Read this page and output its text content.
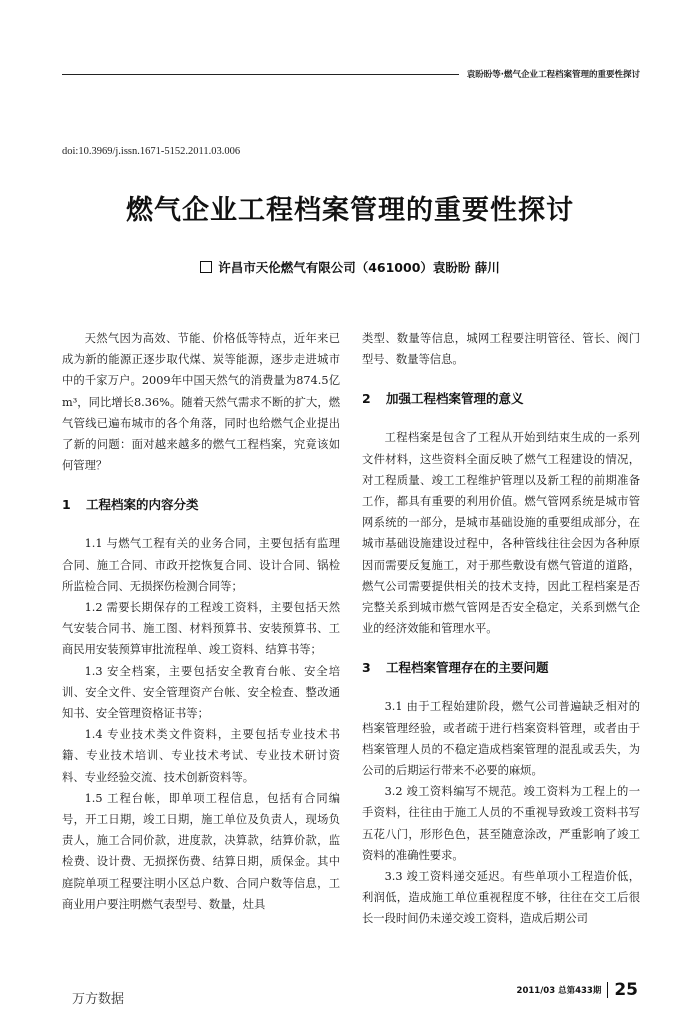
袁盼盼等·燃气企业工程档案管理的重要性探讨
doi:10.3969/j.issn.1671-5152.2011.03.006
燃气企业工程档案管理的重要性探讨
许昌市天伦燃气有限公司（461000）袁盼盼 薛川

天然气因为高效、节能、价格低等特点，近年来已成为新的能源正逐步取代煤、炭等能源，逐步走进城市中的千家万户。2009年中国天然气的消费量为874.5亿m³，同比增长8.36%。随着天然气需求不断的扩大，燃气管线已遍布城市的各个角落，同时也给燃气企业提出了新的问题：面对越来越多的燃气工程档案，究竟该如何管理？

1 工程档案的内容分类

1.1 与燃气工程有关的业务合同，主要包括有监理合同、施工合同、市政开挖恢复合同、设计合同、锅检所监检合同、无损探伤检测合同等；

1.2 需要长期保存的工程竣工资料，主要包括天然气安装合同书、施工图、材料预算书、安装预算书、工商民用安装预算审批流程单、竣工资料、结算书等；

1.3 安全档案，主要包括安全教育台帐、安全培训、安全文件、安全管理资产台帐、安全检查、整改通知书、安全管理资格证书等；

1.4 专业技术类文件资料，主要包括专业技术书籍、专业技术培训、专业技术考试、专业技术研讨资料、专业经验交流、技术创新资料等。

1.5 工程台帐，即单项工程信息，包括有合同编号，开工日期，竣工日期，施工单位及负责人，现场负责人，施工合同价款，进度款，决算款，结算价款，监检费、设计费、无损探伤费、结算日期，质保金。其中庭院单项工程要注明小区总户数、合同户数等信息，工商业用户要注明燃气表型号、数量，灶具

类型、数量等信息，城网工程要注明管径、管长、阀门型号、数量等信息。

2 加强工程档案管理的意义

工程档案是包含了工程从开始到结束生成的一系列文件材料，这些资料全面反映了燃气工程建设的情况，对工程质量、竣工工程维护管理以及新工程的前期准备工作，都具有重要的利用价值。燃气管网系统是城市管网系统的一部分，是城市基础设施的重要组成部分，在城市基础设施建设过程中，各种管线往往会因为各种原因而需要反复施工，对于那些敷设有燃气管道的道路，燃气公司需要提供相关的技术支持，因此工程档案是否完整关系到城市燃气管网是否安全稳定，关系到燃气企业的经济效能和管理水平。

3 工程档案管理存在的主要问题

3.1 由于工程始建阶段，燃气公司普遍缺乏相对的档案管理经验，或者疏于进行档案资料管理，或者由于档案管理人员的不稳定造成档案管理的混乱或丢失，为公司的后期运行带来不必要的麻烦。

3.2 竣工资料编写不规范。竣工资料为工程上的一手资料，往往由于施工人员的不重视导致竣工资料书写五花八门，形形色色，甚至随意涂改，严重影响了竣工资料的准确性要求。

3.3 竣工资料递交延迟。有些单项小工程造价低，利润低，造成施工单位重视程度不够，往往在交工后很长一段时间仍未递交竣工资料，造成后期公司

2011/03 总第433期 25
万方数据
